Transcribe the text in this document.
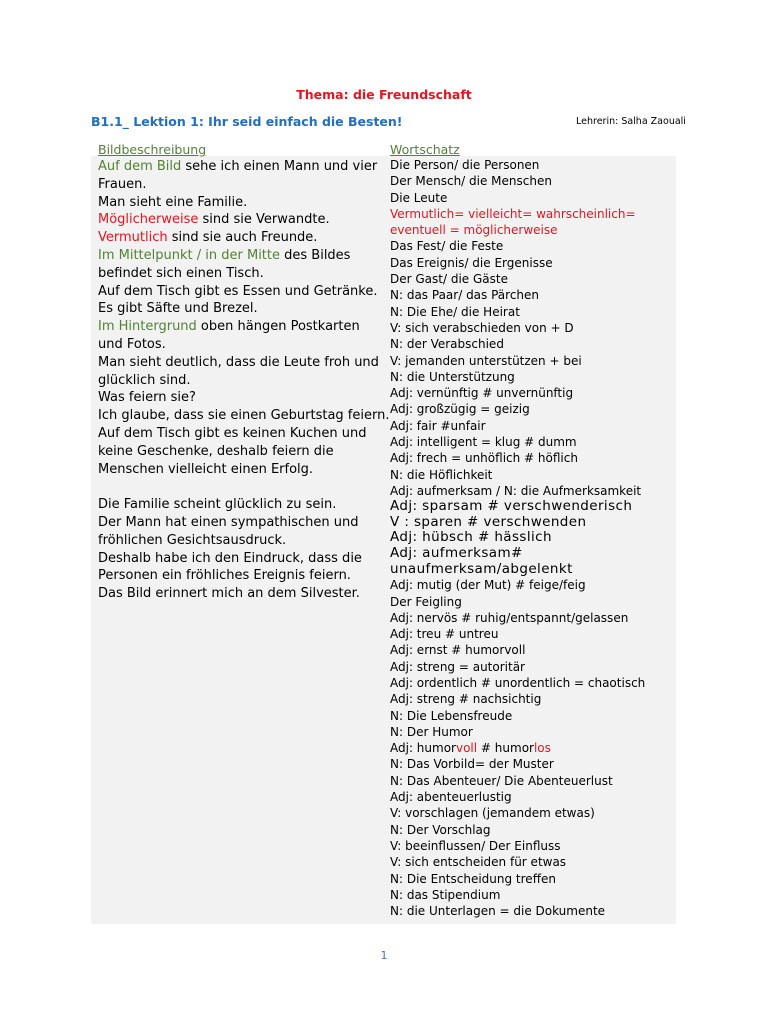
Thema: die Freundschaft
B1.1_ Lektion 1: Ihr seid einfach die Besten!	Lehrerin: Salha Zaouali
Bildbeschreibung	Wortschatz
Auf dem Bild sehe ich einen Mann und vier
Frauen.
Man sieht eine Familie.
Möglicherweise sind sie Verwandte.
Vermutlich sind sie auch Freunde.
Im Mittelpunkt / in der Mitte des Bildes
befindet sich einen Tisch.
Auf dem Tisch gibt es Essen und Getränke.
Es gibt Säfte und Brezel.
Im Hintergrund oben hängen Postkarten
und Fotos.
Man sieht deutlich, dass die Leute froh und
glücklich sind.
Was feiern sie?
Ich glaube, dass sie einen Geburtstag feiern.
Auf dem Tisch gibt es keinen Kuchen und
keine Geschenke, deshalb feiern die
Menschen vielleicht einen Erfolg.
Die Familie scheint glücklich zu sein.
Der Mann hat einen sympathischen und
fröhlichen Gesichtsausdruck.
Deshalb habe ich den Eindruck, dass die
Personen ein fröhliches Ereignis feiern.
Das Bild erinnert mich an dem Silvester.
Die Person/ die Personen
Der Mensch/ die Menschen
Die Leute
Vermutlich= vielleicht= wahrscheinlich=
eventuell = möglicherweise
Das Fest/ die Feste
Das Ereignis/ die Ergenisse
Der Gast/ die Gäste
N: das Paar/ das Pärchen
N: Die Ehe/ die Heirat
V: sich verabschieden von + D
N: der Verabschied
V: jemanden unterstützen + bei
N: die Unterstützung
Adj: vernünftig # unvernünftig
Adj: großzügig = geizig
Adj: fair #unfair
Adj: intelligent = klug # dumm
Adj: frech = unhöflich # höflich
N: die Höflichkeit
Adj: aufmerksam / N: die Aufmerksamkeit
Adj: sparsam # verschwenderisch
V : sparen # verschwenden
Adj: hübsch # hässlich
Adj: aufmerksam#
unaufmerksam/abgelenkt
Adj: mutig (der Mut) # feige/feig
Der Feigling
Adj: nervös # ruhig/entspannt/gelassen
Adj: treu # untreu
Adj: ernst # humorvoll
Adj: streng = autoritär
Adj: ordentlich # unordentlich = chaotisch
Adj: streng # nachsichtig
N: Die Lebensfreude
N: Der Humor
Adj: humorvoll # humorlos
N: Das Vorbild= der Muster
N: Das Abenteuer/ Die Abenteuerlust
Adj: abenteuerlustig
V: vorschlagen (jemandem etwas)
N: Der Vorschlag
V: beeinflussen/ Der Einfluss
V: sich entscheiden für etwas
N: Die Entscheidung treffen
N: das Stipendium
N: die Unterlagen = die Dokumente
1
